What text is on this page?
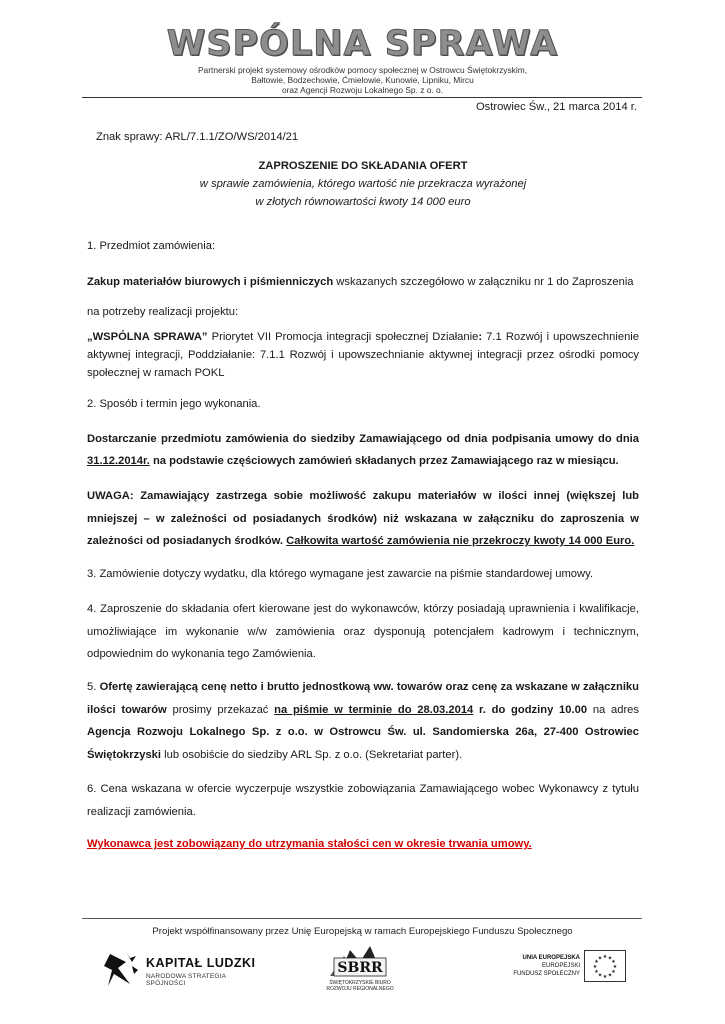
WSPÓLNA SPRAWA
Partnerski projekt systemowy ośrodków pomocy społecznej w Ostrowcu Świętokrzyskim,
Bałtowie, Bodzechowie, Ćmielowie, Kunowie, Lipniku, Mircu
oraz Agencji Rozwoju Lokalnego Sp. z o. o.
Ostrowiec Św., 21 marca 2014 r.
Znak sprawy: ARL/7.1.1/ZO/WS/2014/21
ZAPROSZENIE DO SKŁADANIA OFERT
w sprawie zamówienia, którego wartość nie przekracza wyrażonej
w złotych równowartości kwoty 14 000 euro
1. Przedmiot zamówienia:
Zakup materiałów biurowych i piśmienniczych wskazanych szczegółowo w załączniku nr 1 do Zaproszenia
na potrzeby realizacji projektu:
„WSPÓLNA SPRAWA” Priorytet VII Promocja integracji społecznej Działanie: 7.1 Rozwój i upowszechnienie aktywnej integracji, Poddziałanie: 7.1.1 Rozwój i upowszechnianie aktywnej integracji przez ośrodki pomocy społecznej w ramach POKL
2. Sposób i termin jego wykonania.
Dostarczanie przedmiotu zamówienia do siedziby Zamawiającego od dnia podpisania umowy do dnia 31.12.2014r. na podstawie częściowych zamówień składanych przez Zamawiającego raz w miesiącu.
UWAGA: Zamawiający zastrzega sobie możliwość zakupu materiałów w ilości innej (większej lub mniejszej – w zależności od posiadanych środków) niż wskazana w załączniku do zaproszenia w zależności od posiadanych środków. Całkowita wartość zamówienia nie przekroczy kwoty 14 000 Euro.
3. Zamówienie dotyczy wydatku, dla którego wymagane jest zawarcie na piśmie standardowej umowy.
4. Zaproszenie do składania ofert kierowane jest do wykonawców, którzy posiadają uprawnienia i kwalifikacje, umożliwiające im wykonanie w/w zamówienia oraz dysponują potencjałem kadrowym i technicznym, odpowiednim do wykonania tego Zamówienia.
5. Ofertę zawierającą cenę netto i brutto jednostkową ww. towarów oraz cenę za wskazane w załączniku ilości towarów prosimy przekazać na piśmie w terminie do 28.03.2014 r. do godziny 10.00 na adres Agencja Rozwoju Lokalnego Sp. z o.o. w Ostrowcu Św. ul. Sandomierska 26a, 27-400 Ostrowiec Świętokrzyski lub osobiście do siedziby ARL Sp. z o.o. (Sekretariat parter).
6. Cena wskazana w ofercie wyczerpuje wszystkie zobowiązania Zamawiającego wobec Wykonawcy z tytułu realizacji zamówienia.
Wykonawca jest zobowiązany do utrzymania stałości cen w okresie trwania umowy.
Projekt współfinansowany przez Unię Europejską w ramach Europejskiego Funduszu Społecznego
KAPITAŁ LUDZKI
NARODOWA STRATEGIA SPÓJNOŚCI
SBRR
ŚWIĘTOKRZYSKIE BIURO
ROZWOJU REGIONALNEGO
UNIA EUROPEJSKA
EUROPEJSKI
FUNDUSZ SPOŁECZNY
★ ★
★
★
★
★
★
★
★
★
★
★
